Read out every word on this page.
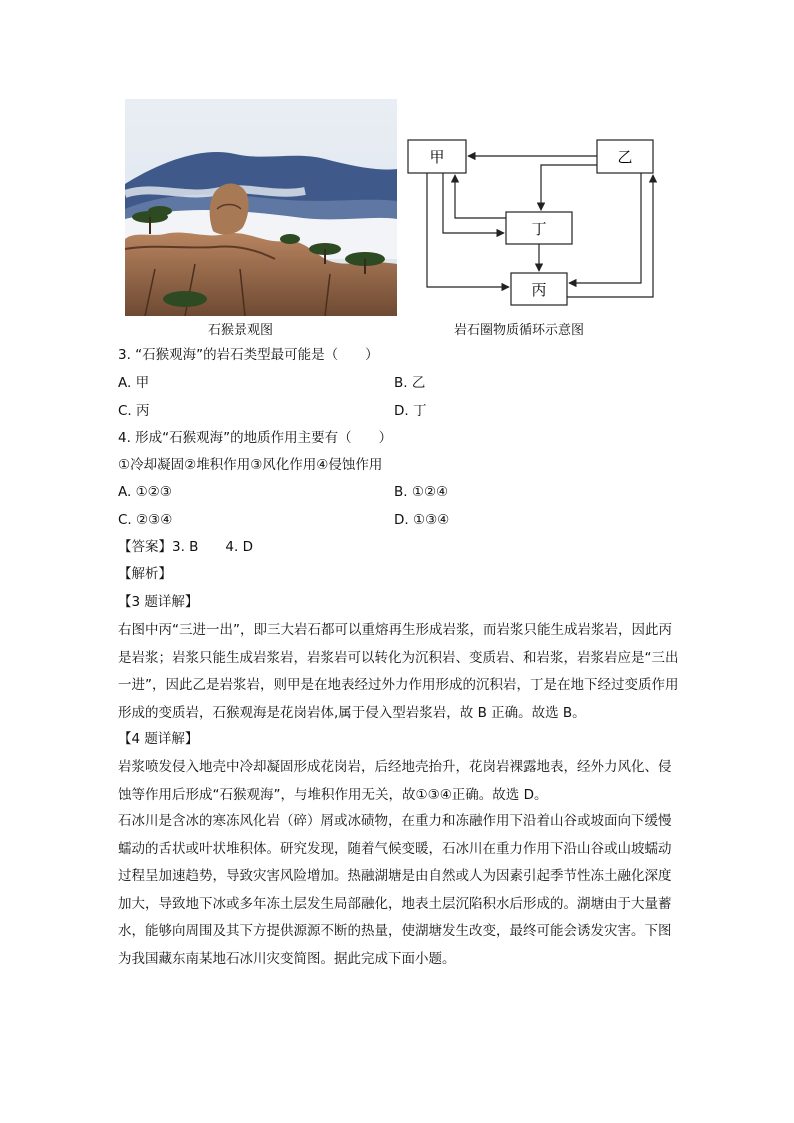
石猴景观图
甲	乙
丁
丙
岩石圈物质循环示意图
3. “石猴观海”的岩石类型最可能是（　　）
A. 甲	B. 乙
C. 丙	D. 丁
4. 形成“石猴观海”的地质作用主要有（　　）
①冷却凝固②堆积作用③风化作用④侵蚀作用
A. ①②③	B. ①②④
C. ②③④	D. ①③④
【答案】3. B　　4. D
【解析】
【3 题详解】

右图中丙“三进一出”，即三大岩石都可以重熔再生形成岩浆，而岩浆只能生成岩浆岩，因此丙是岩浆；岩浆只能生成岩浆岩，岩浆岩可以转化为沉积岩、变质岩、和岩浆，岩浆岩应是“三出一进”，因此乙是岩浆岩，则甲是在地表经过外力作用形成的沉积岩，丁是在地下经过变质作用形成的变质岩，石猴观海是花岗岩体,属于侵入型岩浆岩，故 B 正确。故选 B。

【4 题详解】

岩浆喷发侵入地壳中冷却凝固形成花岗岩，后经地壳抬升，花岗岩裸露地表，经外力风化、侵蚀等作用后形成“石猴观海”，与堆积作用无关，故①③④正确。故选 D。

石冰川是含冰的寒冻风化岩（碎）屑或冰碛物，在重力和冻融作用下沿着山谷或坡面向下缓慢蠕动的舌状或叶状堆积体。研究发现，随着气候变暖，石冰川在重力作用下沿山谷或山坡蠕动过程呈加速趋势，导致灾害风险增加。热融湖塘是由自然或人为因素引起季节性冻土融化深度加大，导致地下冰或多年冻土层发生局部融化，地表土层沉陷积水后形成的。湖塘由于大量蓄水，能够向周围及其下方提供源源不断的热量，使湖塘发生改变，最终可能会诱发灾害。下图为我国藏东南某地石冰川灾变简图。据此完成下面小题。
